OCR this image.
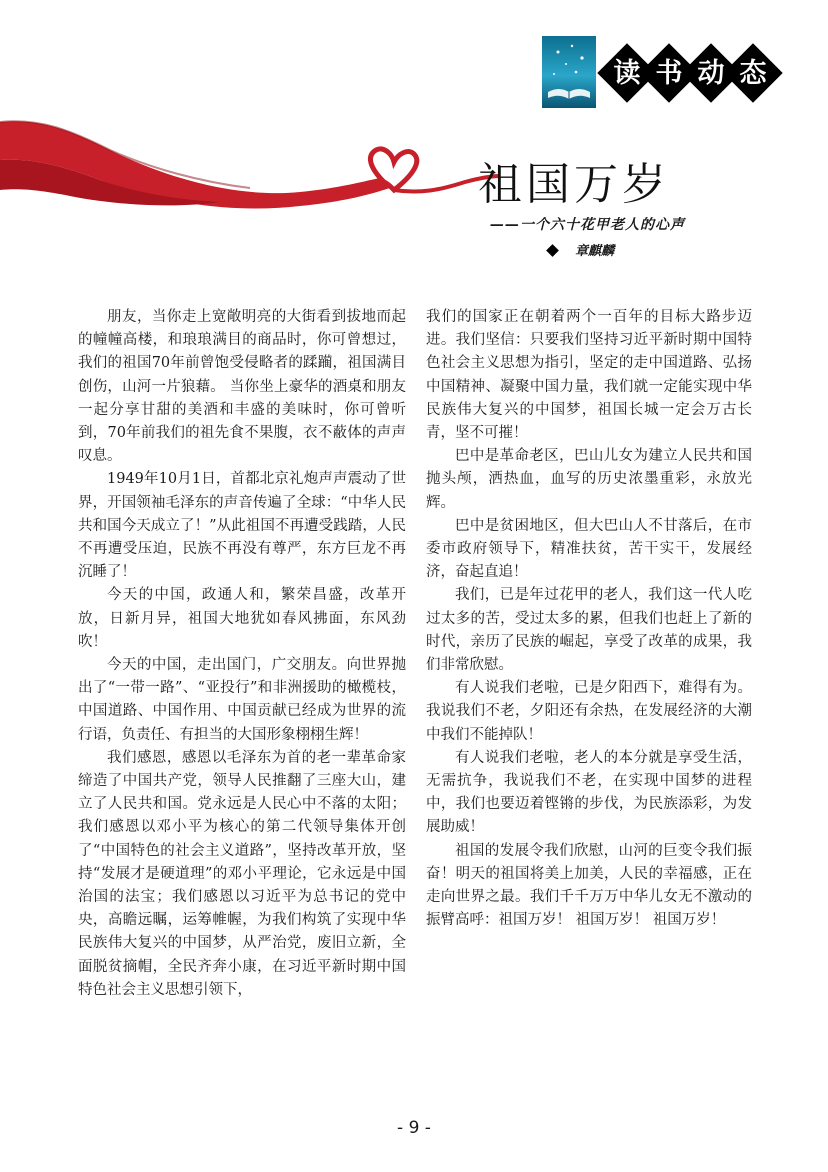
读 书 动 态
祖国万岁
——一个六十花甲老人的心声
章麒麟

朋友，当你走上宽敞明亮的大街看到拔地而起的幢幢高楼，和琅琅满目的商品时，你可曾想过，我们的祖国70年前曾饱受侵略者的蹂躏，祖国满目创伤，山河一片狼藉。 当你坐上豪华的酒桌和朋友一起分享甘甜的美酒和丰盛的美味时，你可曾听到，70年前我们的祖先食不果腹，衣不蔽体的声声叹息。

1949年10月1日，首都北京礼炮声声震动了世界，开国领袖毛泽东的声音传遍了全球：“中华人民共和国今天成立了！”从此祖国不再遭受践踏，人民不再遭受压迫，民族不再没有尊严，东方巨龙不再沉睡了！

今天的中国，政通人和，繁荣昌盛，改革开放，日新月异，祖国大地犹如春风拂面，东风劲吹！

今天的中国，走出国门，广交朋友。向世界抛出了“一带一路”、“亚投行”和非洲援助的橄榄枝，中国道路、中国作用、中国贡献已经成为世界的流行语，负责任、有担当的大国形象栩栩生辉！

我们感恩，感恩以毛泽东为首的老一辈革命家缔造了中国共产党，领导人民推翻了三座大山，建立了人民共和国。党永远是人民心中不落的太阳；我们感恩以邓小平为核心的第二代领导集体开创了“中国特色的社会主义道路”，坚持改革开放，坚持“发展才是硬道理”的邓小平理论，它永远是中国治国的法宝；我们感恩以习近平为总书记的党中央，高瞻远瞩，运筹帷幄，为我们构筑了实现中华民族伟大复兴的中国梦，从严治党，废旧立新，全面脱贫摘帽，全民齐奔小康，在习近平新时期中国特色社会主义思想引领下，

我们的国家正在朝着两个一百年的目标大路步迈进。我们坚信：只要我们坚持习近平新时期中国特色社会主义思想为指引，坚定的走中国道路、弘扬中国精神、凝聚中国力量，我们就一定能实现中华民族伟大复兴的中国梦，祖国长城一定会万古长青，坚不可摧！

巴中是革命老区，巴山儿女为建立人民共和国抛头颅，洒热血，血写的历史浓墨重彩，永放光辉。

巴中是贫困地区，但大巴山人不甘落后，在市委市政府领导下，精准扶贫，苦干实干，发展经济，奋起直追！

我们，已是年过花甲的老人，我们这一代人吃过太多的苦，受过太多的累，但我们也赶上了新的时代，亲历了民族的崛起，享受了改革的成果，我们非常欣慰。

有人说我们老啦，已是夕阳西下，难得有为。我说我们不老，夕阳还有余热，在发展经济的大潮中我们不能掉队！

有人说我们老啦，老人的本分就是享受生活，无需抗争，我说我们不老，在实现中国梦的进程中，我们也要迈着铿锵的步伐，为民族添彩，为发展助威！

祖国的发展令我们欣慰，山河的巨变令我们振奋！明天的祖国将美上加美，人民的幸福感，正在走向世界之最。我们千千万万中华儿女无不激动的振臂高呼：祖国万岁！ 祖国万岁！ 祖国万岁！

- 9 -
